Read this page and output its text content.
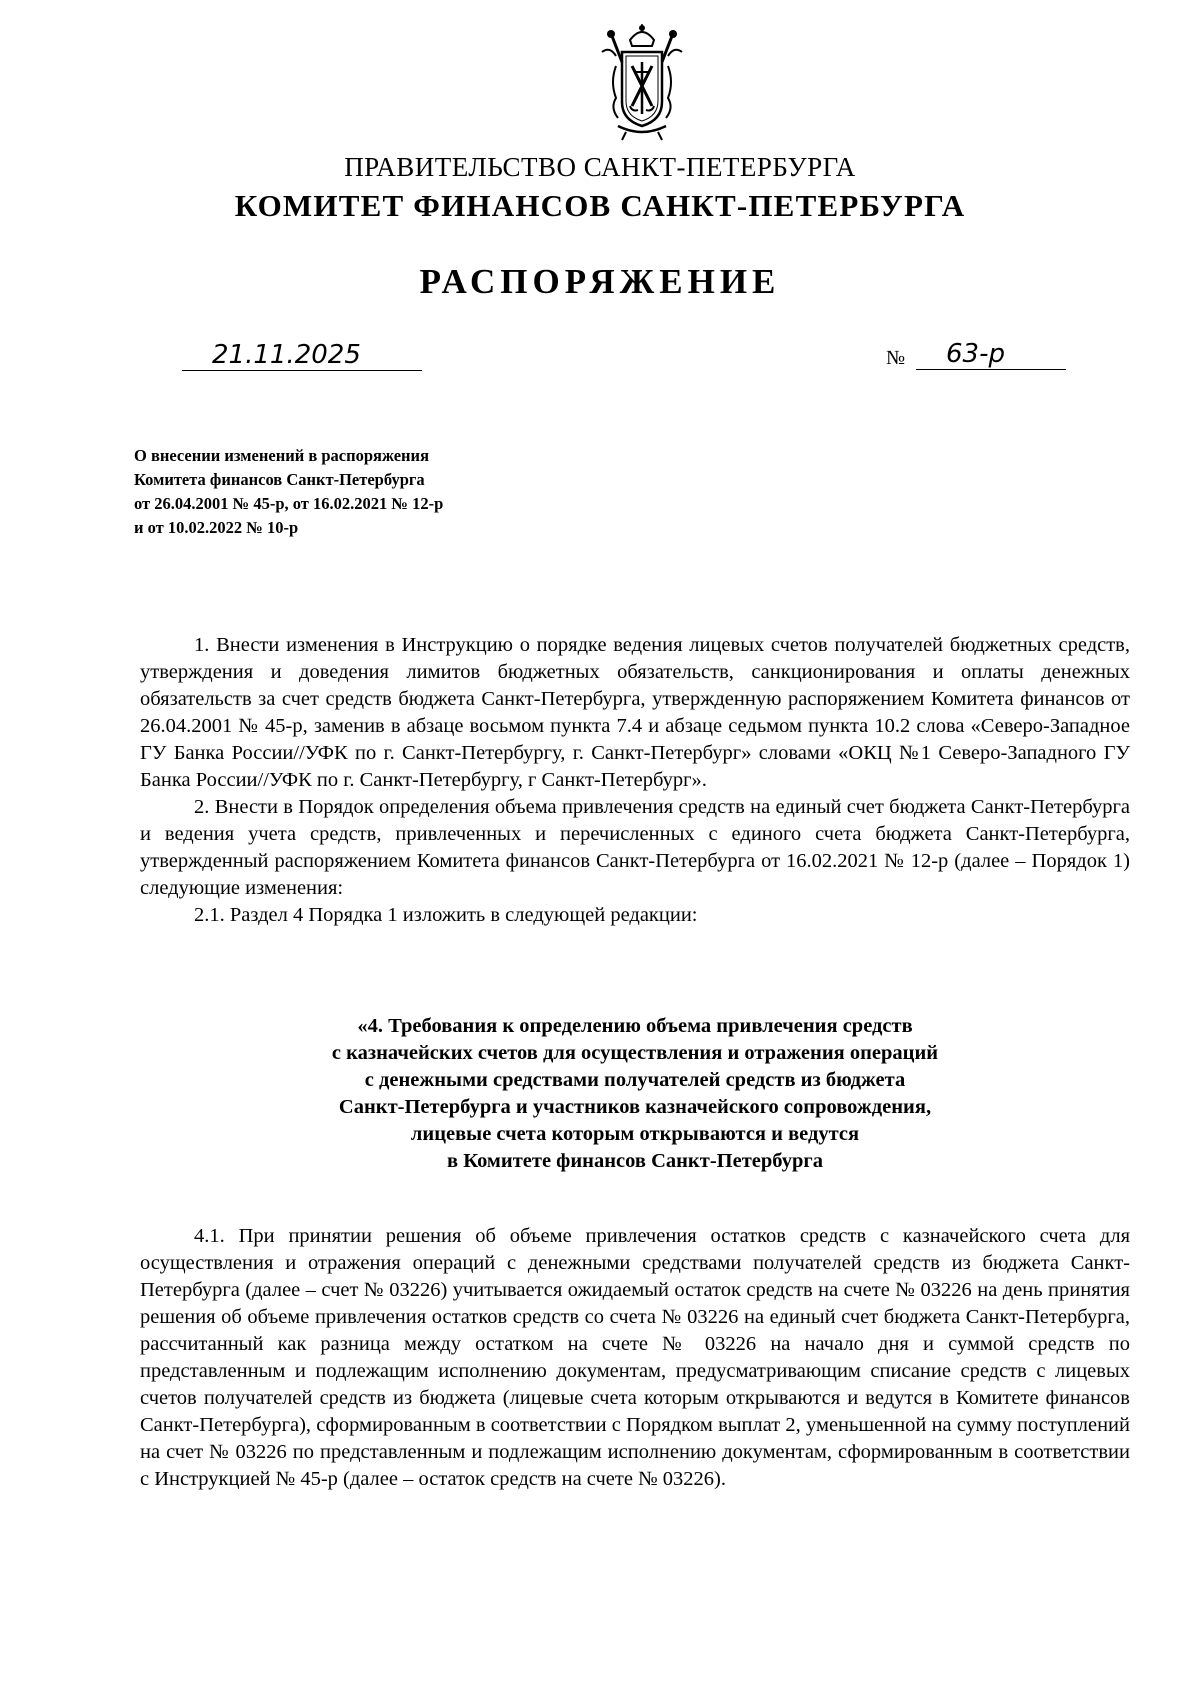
ПРАВИТЕЛЬСТВО САНКТ-ПЕТЕРБУРГА
КОМИТЕТ ФИНАНСОВ САНКТ-ПЕТЕРБУРГА
РАСПОРЯЖЕНИЕ
21.11.2025	№ 63-р
О внесении изменений в распоряжения
Комитета финансов Санкт-Петербурга
от 26.04.2001 № 45-р, от 16.02.2021 № 12-р
и от 10.02.2022 № 10-р

1. Внести изменения в Инструкцию о порядке ведения лицевых счетов получателей бюджетных средств, утверждения и доведения лимитов бюджетных обязательств, санкционирования и оплаты денежных обязательств за счет средств бюджета Санкт-Петербурга, утвержденную распоряжением Комитета финансов от 26.04.2001 № 45-р, заменив в абзаце восьмом пункта 7.4 и абзаце седьмом пункта 10.2 слова «Северо-Западное ГУ Банка России//УФК по г. Санкт-Петербургу, г. Санкт-Петербург» словами «ОКЦ №1 Северо-Западного ГУ Банка России//УФК по г. Санкт-Петербургу, г Санкт-Петербург».

2. Внести в Порядок определения объема привлечения средств на единый счет бюджета Санкт-Петербурга и ведения учета средств, привлеченных и перечисленных с единого счета бюджета Санкт-Петербурга, утвержденный распоряжением Комитета финансов Санкт-Петербурга от 16.02.2021 № 12-р (далее – Порядок 1) следующие изменения:

2.1. Раздел 4 Порядка 1 изложить в следующей редакции:

«4. Требования к определению объема привлечения средств
с казначейских счетов для осуществления и отражения операций
с денежными средствами получателей средств из бюджета
Санкт-Петербурга и участников казначейского сопровождения,
лицевые счета которым открываются и ведутся
в Комитете финансов Санкт-Петербурга

4.1. При принятии решения об объеме привлечения остатков средств с казначейского счета для осуществления и отражения операций с денежными средствами получателей средств из бюджета Санкт-Петербурга (далее – счет № 03226) учитывается ожидаемый остаток средств на счете № 03226 на день принятия решения об объеме привлечения остатков средств со счета № 03226 на единый счет бюджета Санкт-Петербурга, рассчитанный как разница между остатком на счете № 03226 на начало дня и суммой средств по представленным и подлежащим исполнению документам, предусматривающим списание средств с лицевых счетов получателей средств из бюджета (лицевые счета которым открываются и ведутся в Комитете финансов Санкт-Петербурга), сформированным в соответствии с Порядком выплат 2, уменьшенной на сумму поступлений на счет № 03226 по представленным и подлежащим исполнению документам, сформированным в соответствии с Инструкцией № 45-р (далее – остаток средств на счете № 03226).
